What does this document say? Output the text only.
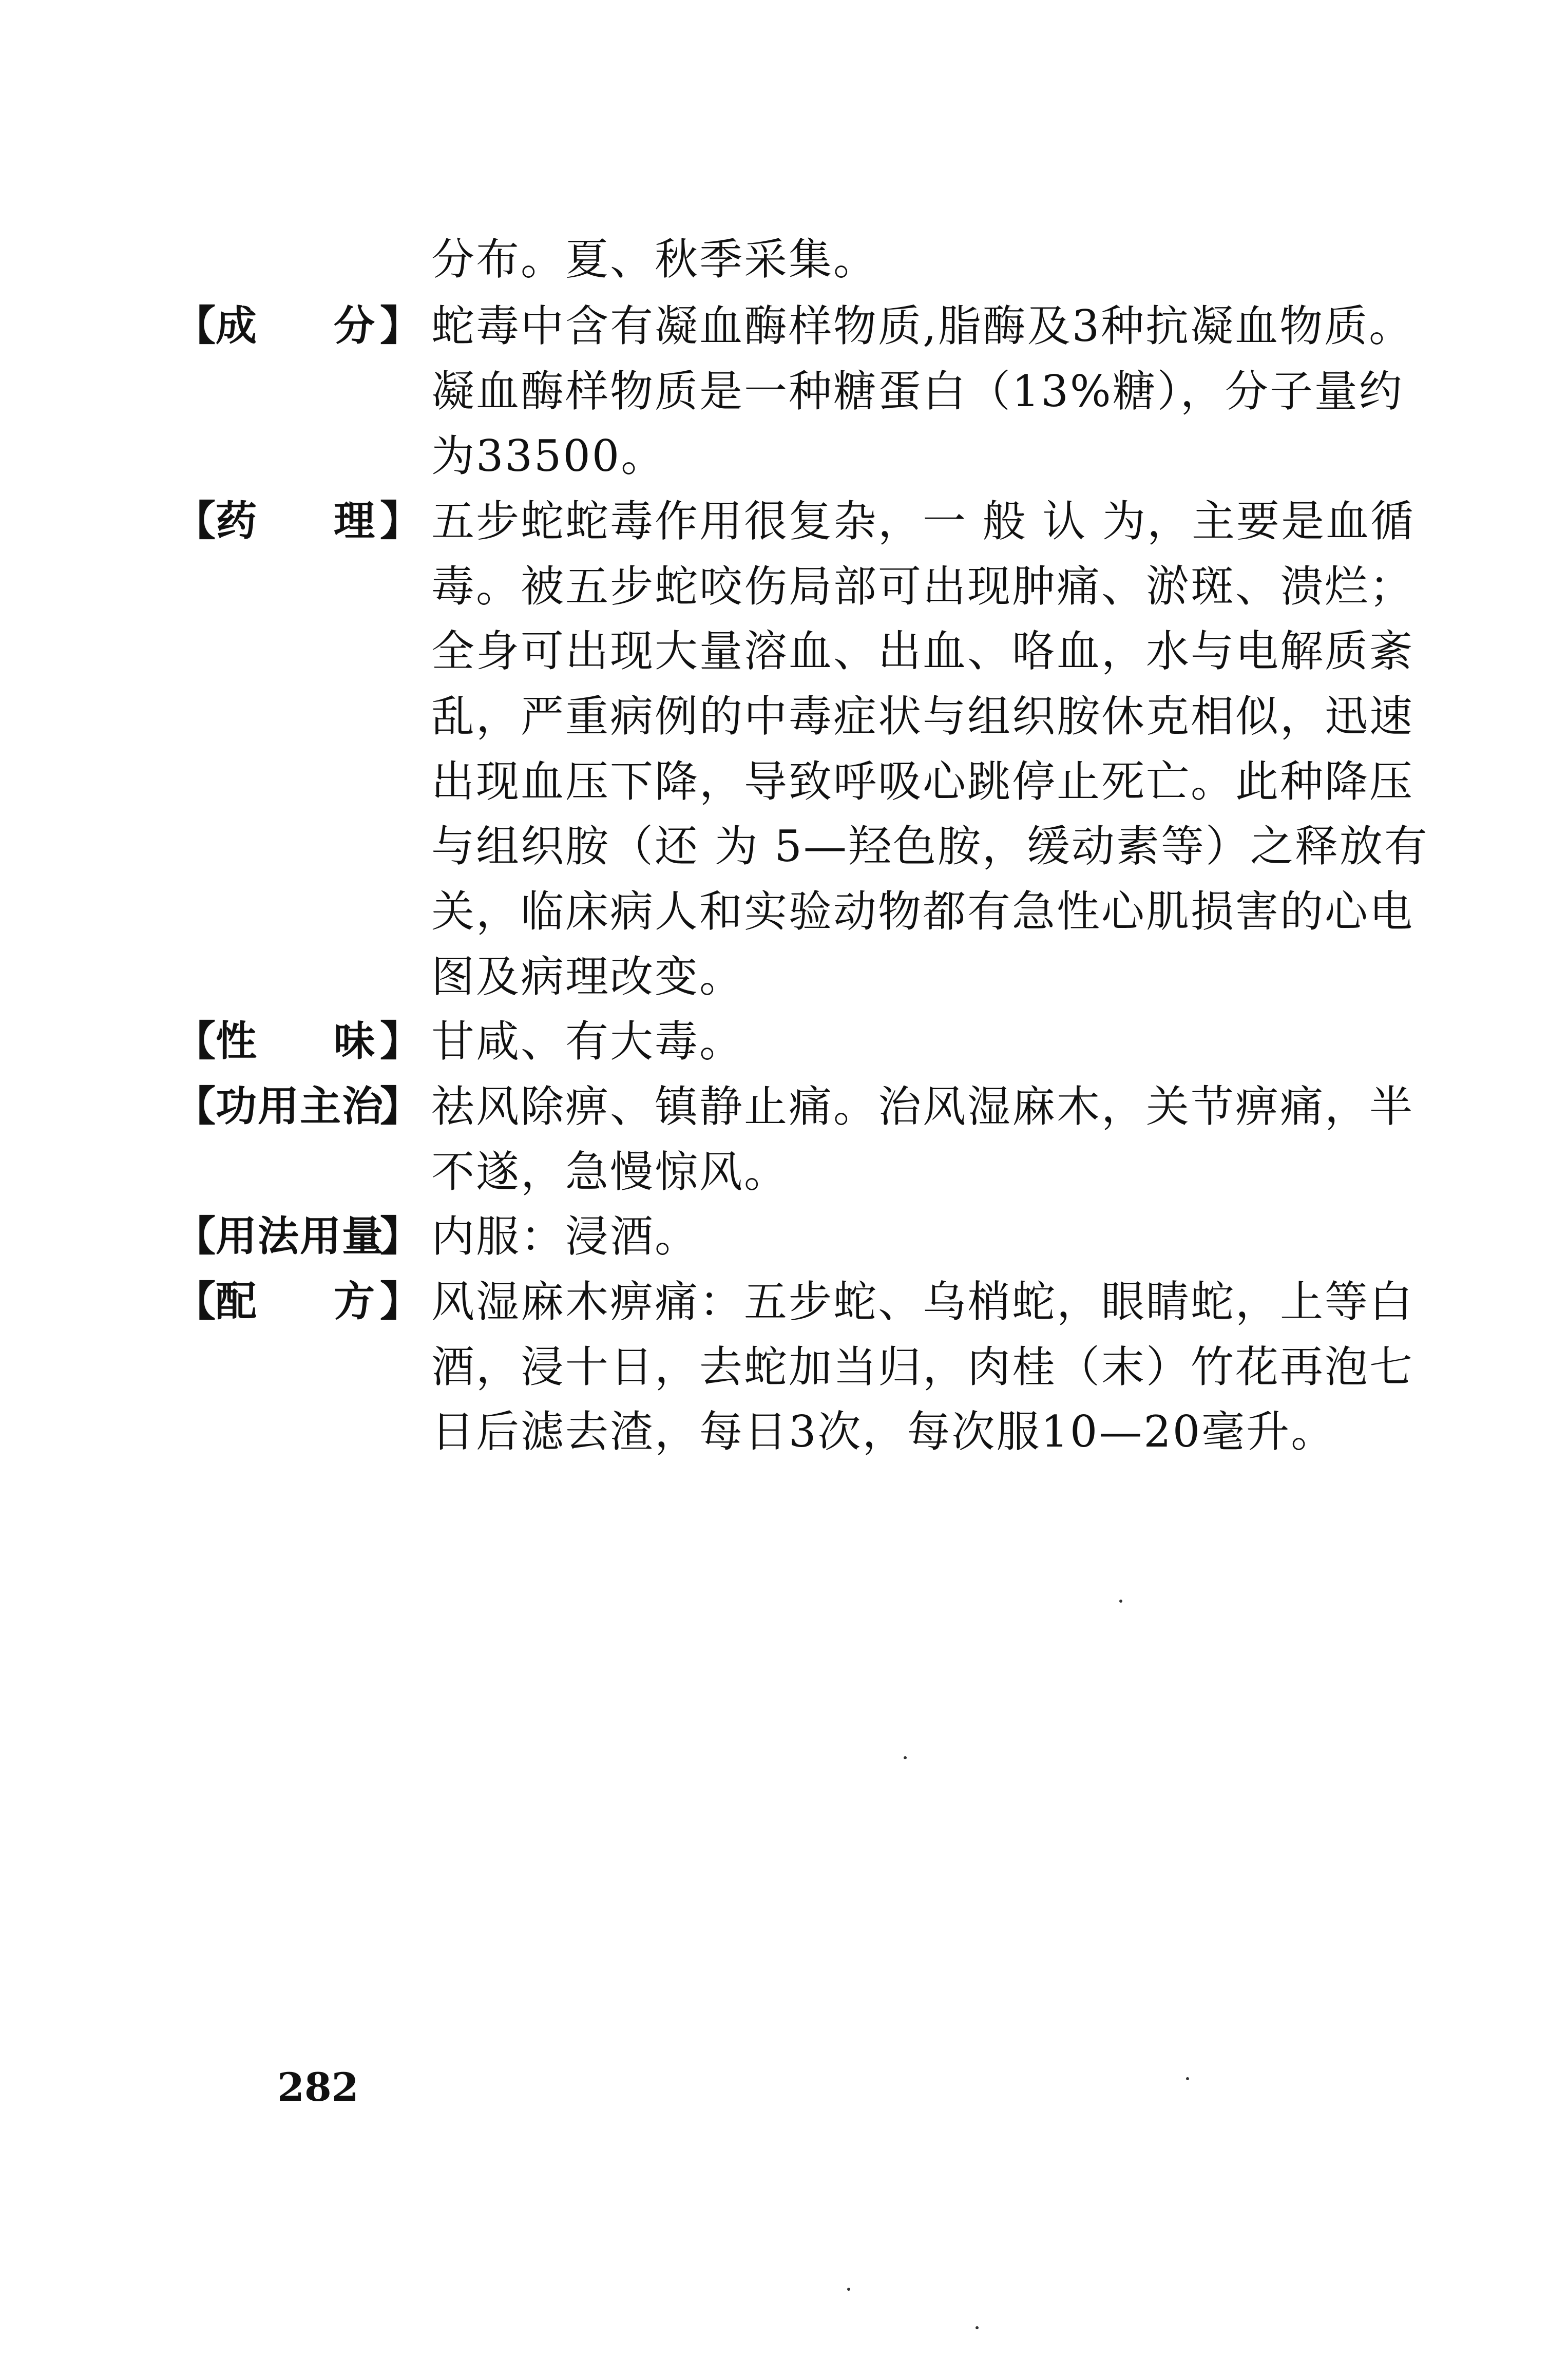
分布。夏、秋季采集。
【 成 分 】 蛇毒中含有凝血酶样物质,脂酶及3种抗凝血物质。
凝血酶样物质是一种糖蛋白（13%糖），分子量约
为33500。
【 药 理 】 五步蛇蛇毒作用很复杂，一 般 认 为，主要是血循
毒。被五步蛇咬伤局部可出现肿痛、淤斑、溃烂；
全身可出现大量溶血、出血、咯血，水与电解质紊
乱，严重病例的中毒症状与组织胺休克相似，迅速
出现血压下降，导致呼吸心跳停止死亡。此种降压
与组织胺（还 为 5—羟色胺，缓动素等）之释放有
关，临床病人和实验动物都有急性心肌损害的心电
图及病理改变。
【 性 味 】 甘咸、有大毒。
【 功用主治
】 祛风除痹、镇静止痛。治风湿麻木，关节痹痛，半
不遂，急慢惊风。
【 用法用量
】 内服：浸酒。
【 配 方 】 风湿麻木痹痛：五步蛇、乌梢蛇，眼睛蛇，上等白
酒，浸十日，去蛇加当归，肉桂（末）竹花再泡七
日后滤去渣，每日3次，每次服10—20毫升。
282
